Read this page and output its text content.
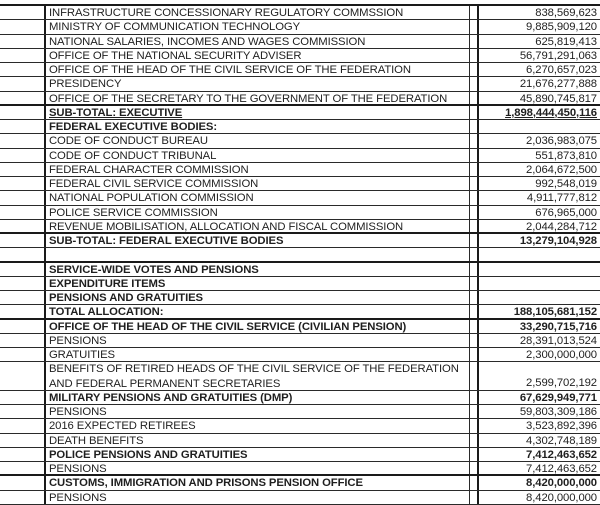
INFRASTRUCTURE CONCESSIONARY REGULATORY COMMSSION	838,569,623
MINISTRY OF COMMUNICATION TECHNOLOGY	9,885,909,120
NATIONAL SALARIES, INCOMES AND WAGES COMMISSION	625,819,413
OFFICE OF THE NATIONAL SECURITY ADVISER	56,791,291,063
OFFICE OF THE HEAD OF THE CIVIL SERVICE OF THE FEDERATION	6,270,657,023
PRESIDENCY	21,676,277,888
OFFICE OF THE SECRETARY TO THE GOVERNMENT OF THE FEDERATION	45,890,745,817
SUB-TOTAL: EXECUTIVE	1,898,444,450,116
FEDERAL EXECUTIVE BODIES:
CODE OF CONDUCT BUREAU	2,036,983,075
CODE OF CONDUCT TRIBUNAL	551,873,810
FEDERAL CHARACTER COMMISSION	2,064,672,500
FEDERAL CIVIL SERVICE COMMISSION	992,548,019
NATIONAL POPULATION COMMISSION	4,911,777,812
POLICE SERVICE COMMISSION	676,965,000
REVENUE MOBILISATION, ALLOCATION AND FISCAL COMMISSION	2,044,284,712
SUB-TOTAL: FEDERAL EXECUTIVE BODIES	13,279,104,928
SERVICE-WIDE VOTES AND PENSIONS
EXPENDITURE ITEMS
PENSIONS AND GRATUITIES
TOTAL ALLOCATION:	188,105,681,152
OFFICE OF THE HEAD OF THE CIVIL SERVICE (CIVILIAN PENSION)	33,290,715,716
PENSIONS	28,391,013,524
GRATUITIES	2,300,000,000
BENEFITS OF RETIRED HEADS OF THE CIVIL SERVICE OF THE FEDERATION AND FEDERAL PERMANENT SECRETARIES	2,599,702,192
MILITARY PENSIONS AND GRATUITIES (DMP)	67,629,949,771
PENSIONS	59,803,309,186
2016 EXPECTED RETIREES	3,523,892,396
DEATH BENEFITS	4,302,748,189
POLICE PENSIONS AND GRATUITIES	7,412,463,652
PENSIONS	7,412,463,652
CUSTOMS, IMMIGRATION AND PRISONS PENSION OFFICE	8,420,000,000
PENSIONS	8,420,000,000
